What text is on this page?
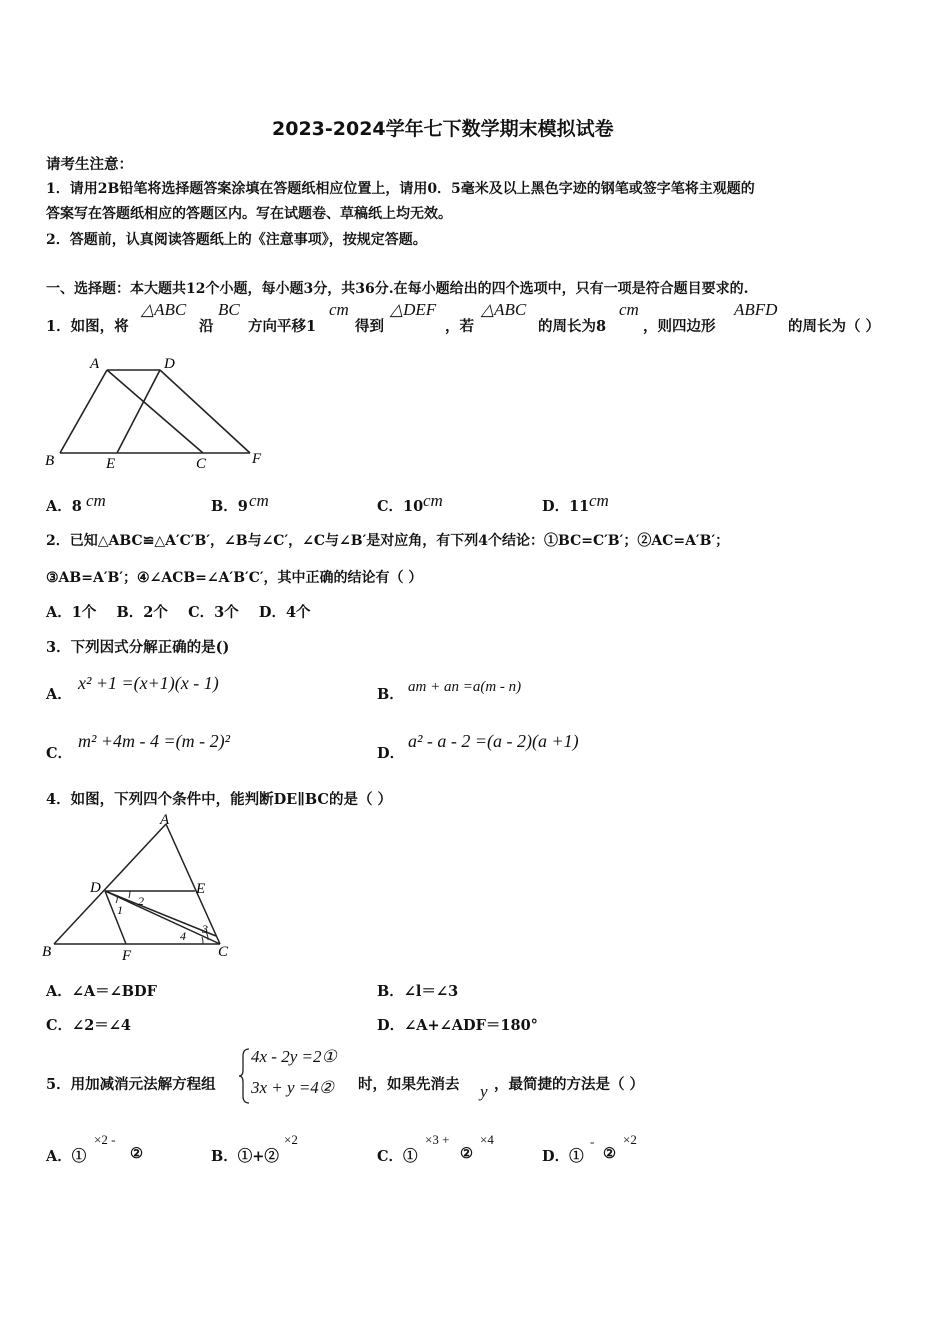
2023-2024学年七下数学期末模拟试卷
请考生注意：
1．请用2B铅笔将选择题答案涂填在答题纸相应位置上，请用0．5毫米及以上黑色字迹的钢笔或签字笔将主观题的
答案写在答题纸相应的答题区内。写在试题卷、草稿纸上均无效。
2．答题前，认真阅读答题纸上的《注意事项》，按规定答题。
一、选择题：本大题共12个小题，每小题3分，共36分.在每小题给出的四个选项中，只有一项是符合题目要求的.
1．如图，将
△ABC
沿
BC
方向平移1
cm
得到
△DEF
，若
△ABC
的周长为8
cm
，则四边形
ABFD
的周长为（ ）
A	D
B	E	C	F
A．8 cm	B．9 cm	C．10 cm	D．11 cm
2．已知△ABC≌△A′C′B′，∠B与∠C′，∠C与∠B′是对应角，有下列4个结论：①BC=C′B′；②AC=A′B′；
③AB=A′B′；④∠ACB=∠A′B′C′，其中正确的结论有（ ）
A．1个    B．2个    C．3个    D．4个
3．下列因式分解正确的是()
A．
x² +1 =(x+1)(x - 1)
B． am + an =a(m - n)
C．
m² +4m - 4 =(m - 2)²
D．
a² - a - 2 =(a - 2)(a +1)
4．如图，下列四个条件中，能判断DE∥BC的是（ ）
A
D	E
B	F	C
1
2
3
4
A．∠A＝∠BDF	B．∠l＝∠3
C．∠2＝∠4	D．∠A+∠ADF＝180°
5．用加减消元法解方程组
4x - 2y =2①
3x + y =4② 时，如果先消去 y ，最简捷的方法是（ ）
A．①
×2 -
②	B．①+②
×2
C．①
×3 +
②
×4
D．①
-
②
×2
